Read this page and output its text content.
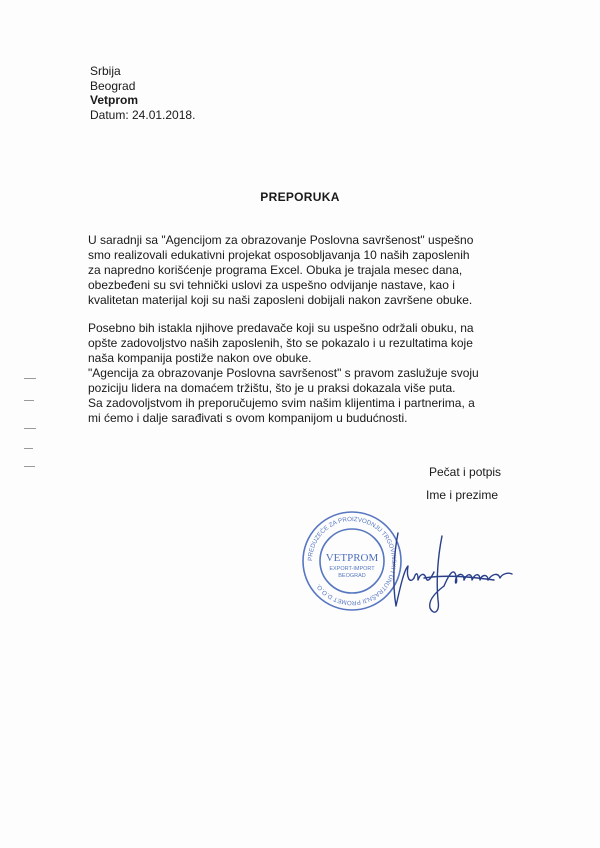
Srbija
Beograd
Vetprom
Datum: 24.01.2018.
PREPORUKA

U saradnji sa "Agencijom za obrazovanje Poslovna savršenost" uspešno
smo realizovali edukativni projekat osposobljavanja 10 naših zaposlenih
za napredno korišćenje programa Excel. Obuka je trajala mesec dana,
obezbeđeni su svi tehnički uslovi za uspešno odvijanje nastave, kao i
kvalitetan materijal koji su naši zaposleni dobijali nakon završene obuke.

Posebno bih istakla njihove predavače koji su uspešno održali obuku, na
opšte zadovoljstvo naših zaposlenih, što se pokazalo i u rezultatima koje
naša kompanija postiže nakon ove obuke.

"Agencija za obrazovanje Poslovna savršenost" s pravom zaslužuje svoju
poziciju lidera na domaćem tržištu, što je u praksi dokazala više puta.

Sa zadovoljstvom ih preporučujemo svim našim klijentima i partnerima, a
mi ćemo i dalje sarađivati s ovom kompanijom u budućnosti.

Pečat i potpis
Ime i prezime
PREDUZEĆE ZA PROIZVODNJU TRGOVINSKI I UNUTRAŠNJI PROMET D.O.O.
VETPROM
EXPORT-IMPORT
BEOGRAD
